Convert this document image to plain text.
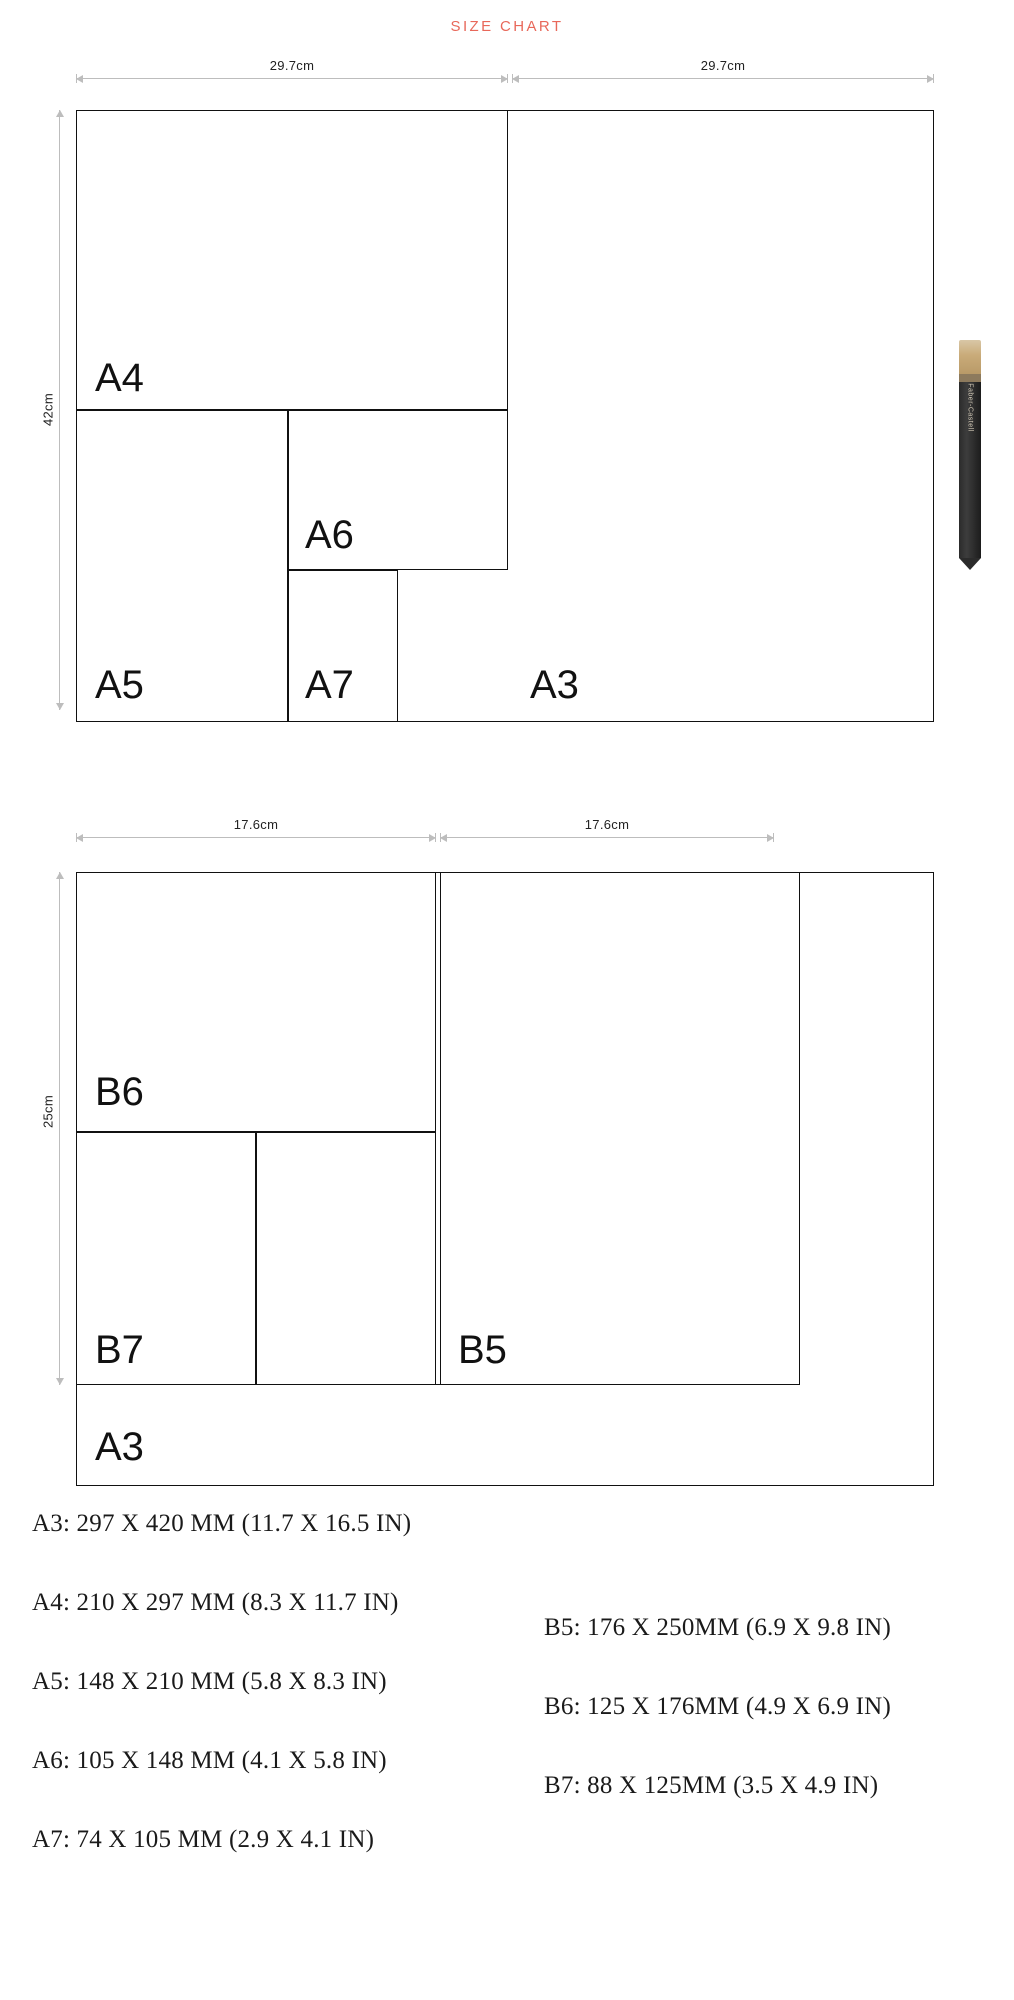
SIZE CHART
29.7cm	29.7cm
42cm
A4
A5
A6
A7	A3
Faber-Castell
17.6cm	17.6cm
25cm B6
B7	B5
A3
A3: 297 X 420 MM (11.7 X 16.5 IN)
A4: 210 X 297 MM (8.3 X 11.7 IN)
A5: 148 X 210 MM (5.8 X 8.3 IN)
A6: 105 X 148 MM (4.1 X 5.8 IN)
A7: 74 X 105 MM (2.9 X 4.1 IN)
B5: 176 X 250MM (6.9 X 9.8 IN)
B6: 125 X 176MM (4.9 X 6.9 IN)
B7: 88 X 125MM (3.5 X 4.9 IN)
